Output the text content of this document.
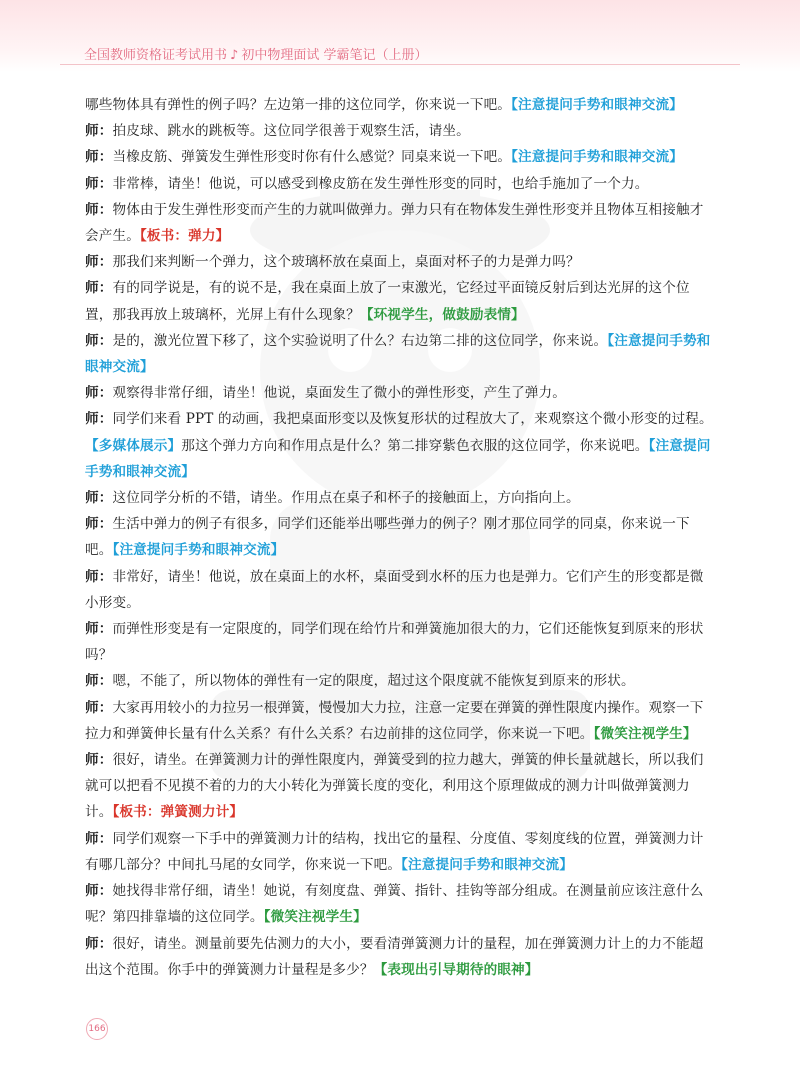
全国教师资格证考试用书 ♪ 初中物理面试 学霸笔记（上册）

哪些物体具有弹性的例子吗？左边第一排的这位同学，你来说一下吧。【注意提问手势和眼神交流】

师：拍皮球、跳水的跳板等。这位同学很善于观察生活，请坐。

师：当橡皮筋、弹簧发生弹性形变时你有什么感觉？同桌来说一下吧。【注意提问手势和眼神交流】

师：非常棒，请坐！他说，可以感受到橡皮筋在发生弹性形变的同时，也给手施加了一个力。

师：物体由于发生弹性形变而产生的力就叫做弹力。弹力只有在物体发生弹性形变并且物体互相接触才会产生。【板书：弹力】

师：那我们来判断一个弹力，这个玻璃杯放在桌面上，桌面对杯子的力是弹力吗？

师：有的同学说是，有的说不是，我在桌面上放了一束激光，它经过平面镜反射后到达光屏的这个位置，那我再放上玻璃杯，光屏上有什么现象？【环视学生，做鼓励表情】

师：是的，激光位置下移了，这个实验说明了什么？右边第二排的这位同学，你来说。【注意提问手势和眼神交流】

师：观察得非常仔细，请坐！他说，桌面发生了微小的弹性形变，产生了弹力。

师：同学们来看 PPT 的动画，我把桌面形变以及恢复形状的过程放大了，来观察这个微小形变的过程。【多媒体展示】那这个弹力方向和作用点是什么？第二排穿紫色衣服的这位同学，你来说吧。【注意提问手势和眼神交流】

师：这位同学分析的不错，请坐。作用点在桌子和杯子的接触面上，方向指向上。

师：生活中弹力的例子有很多，同学们还能举出哪些弹力的例子？刚才那位同学的同桌，你来说一下吧。【注意提问手势和眼神交流】

师：非常好，请坐！他说，放在桌面上的水杯，桌面受到水杯的压力也是弹力。它们产生的形变都是微小形变。

师：而弹性形变是有一定限度的，同学们现在给竹片和弹簧施加很大的力，它们还能恢复到原来的形状吗？

师：嗯，不能了，所以物体的弹性有一定的限度，超过这个限度就不能恢复到原来的形状。

师：大家再用较小的力拉另一根弹簧，慢慢加大力拉，注意一定要在弹簧的弹性限度内操作。观察一下拉力和弹簧伸长量有什么关系？有什么关系？右边前排的这位同学，你来说一下吧。【微笑注视学生】

师：很好，请坐。在弹簧测力计的弹性限度内，弹簧受到的拉力越大，弹簧的伸长量就越长，所以我们就可以把看不见摸不着的力的大小转化为弹簧长度的变化，利用这个原理做成的测力计叫做弹簧测力计。【板书：弹簧测力计】

师：同学们观察一下手中的弹簧测力计的结构，找出它的量程、分度值、零刻度线的位置，弹簧测力计有哪几部分？中间扎马尾的女同学，你来说一下吧。【注意提问手势和眼神交流】

师：她找得非常仔细，请坐！她说，有刻度盘、弹簧、指针、挂钩等部分组成。在测量前应该注意什么呢？第四排靠墙的这位同学。【微笑注视学生】

师：很好，请坐。测量前要先估测力的大小，要看清弹簧测力计的量程，加在弹簧测力计上的力不能超出这个范围。你手中的弹簧测力计量程是多少？【表现出引导期待的眼神】

166
